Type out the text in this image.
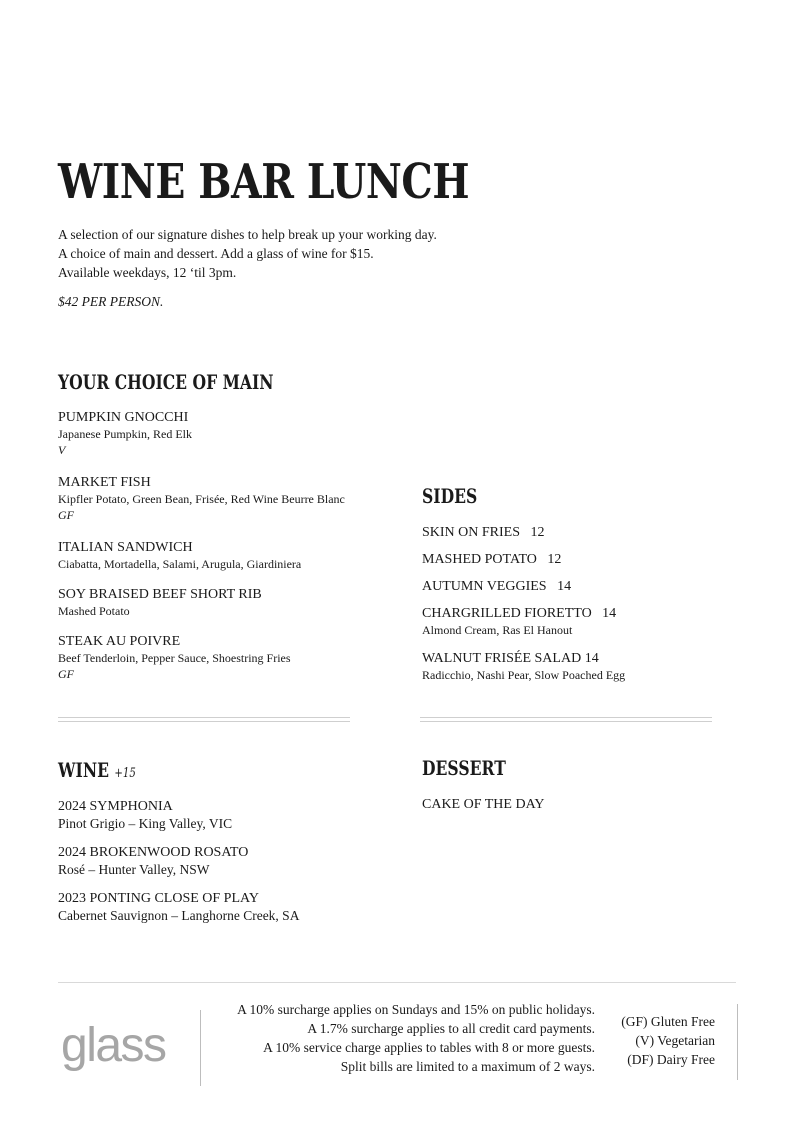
WINE BAR LUNCH

A selection of our signature dishes to help break up your working day.

A choice of main and dessert. Add a glass of wine for $15.

Available weekdays, 12 ‘til 3pm.

$42 PER PERSON.
YOUR CHOICE OF MAIN
PUMPKIN GNOCCHI
Japanese Pumpkin, Red Elk
V
MARKET FISH
Kipfler Potato, Green Bean, Frisée, Red Wine Beurre Blanc
GF
ITALIAN SANDWICH
Ciabatta, Mortadella, Salami, Arugula, Giardiniera
SOY BRAISED BEEF SHORT RIB
Mashed Potato
STEAK AU POIVRE
Beef Tenderloin, Pepper Sauce, Shoestring Fries
GF
SIDES
SKIN ON FRIES   12
MASHED POTATO   12
AUTUMN VEGGIES   14
CHARGRILLED FIORETTO   14
Almond Cream, Ras El Hanout
WALNUT FRISÉE SALAD 14
Radicchio, Nashi Pear, Slow Poached Egg
WINE +15
2024 SYMPHONIA
Pinot Grigio – King Valley, VIC
2024 BROKENWOOD ROSATO
Rosé – Hunter Valley, NSW
2023 PONTING CLOSE OF PLAY
Cabernet Sauvignon – Langhorne Creek, SA
DESSERT
CAKE OF THE DAY
glass
A 10% surcharge applies on Sundays and 15% on public holidays.
A 1.7% surcharge applies to all credit card payments.
A 10% service charge applies to tables with 8 or more guests.
Split bills are limited to a maximum of 2 ways.
(GF) Gluten Free
(V) Vegetarian
(DF) Dairy Free
